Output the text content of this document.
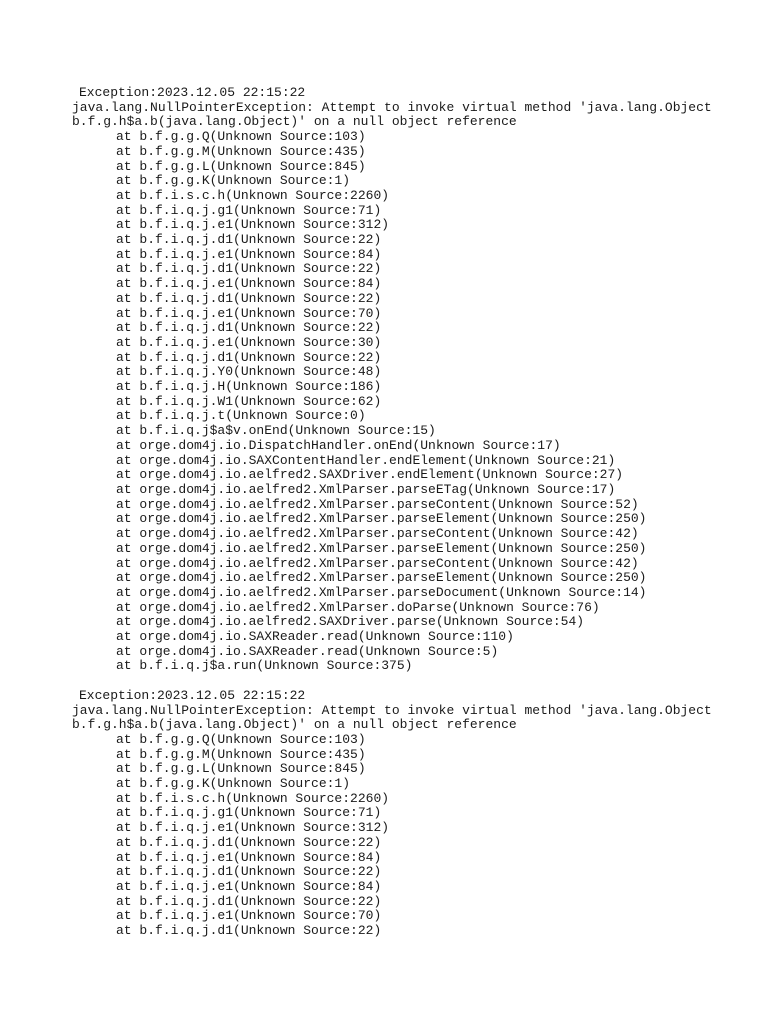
Exception:2023.12.05 22:15:22
java.lang.NullPointerException: Attempt to invoke virtual method 'java.lang.Object
b.f.g.h$a.b(java.lang.Object)' on a null object reference
at b.f.g.g.Q(Unknown Source:103)
at b.f.g.g.M(Unknown Source:435)
at b.f.g.g.L(Unknown Source:845)
at b.f.g.g.K(Unknown Source:1)
at b.f.i.s.c.h(Unknown Source:2260)
at b.f.i.q.j.g1(Unknown Source:71)
at b.f.i.q.j.e1(Unknown Source:312)
at b.f.i.q.j.d1(Unknown Source:22)
at b.f.i.q.j.e1(Unknown Source:84)
at b.f.i.q.j.d1(Unknown Source:22)
at b.f.i.q.j.e1(Unknown Source:84)
at b.f.i.q.j.d1(Unknown Source:22)
at b.f.i.q.j.e1(Unknown Source:70)
at b.f.i.q.j.d1(Unknown Source:22)
at b.f.i.q.j.e1(Unknown Source:30)
at b.f.i.q.j.d1(Unknown Source:22)
at b.f.i.q.j.Y0(Unknown Source:48)
at b.f.i.q.j.H(Unknown Source:186)
at b.f.i.q.j.W1(Unknown Source:62)
at b.f.i.q.j.t(Unknown Source:0)
at b.f.i.q.j$a$v.onEnd(Unknown Source:15)
at orge.dom4j.io.DispatchHandler.onEnd(Unknown Source:17)
at orge.dom4j.io.SAXContentHandler.endElement(Unknown Source:21)
at orge.dom4j.io.aelfred2.SAXDriver.endElement(Unknown Source:27)
at orge.dom4j.io.aelfred2.XmlParser.parseETag(Unknown Source:17)
at orge.dom4j.io.aelfred2.XmlParser.parseContent(Unknown Source:52)
at orge.dom4j.io.aelfred2.XmlParser.parseElement(Unknown Source:250)
at orge.dom4j.io.aelfred2.XmlParser.parseContent(Unknown Source:42)
at orge.dom4j.io.aelfred2.XmlParser.parseElement(Unknown Source:250)
at orge.dom4j.io.aelfred2.XmlParser.parseContent(Unknown Source:42)
at orge.dom4j.io.aelfred2.XmlParser.parseElement(Unknown Source:250)
at orge.dom4j.io.aelfred2.XmlParser.parseDocument(Unknown Source:14)
at orge.dom4j.io.aelfred2.XmlParser.doParse(Unknown Source:76)
at orge.dom4j.io.aelfred2.SAXDriver.parse(Unknown Source:54)
at orge.dom4j.io.SAXReader.read(Unknown Source:110)
at orge.dom4j.io.SAXReader.read(Unknown Source:5)
at b.f.i.q.j$a.run(Unknown Source:375)
Exception:2023.12.05 22:15:22
java.lang.NullPointerException: Attempt to invoke virtual method 'java.lang.Object
b.f.g.h$a.b(java.lang.Object)' on a null object reference
at b.f.g.g.Q(Unknown Source:103)
at b.f.g.g.M(Unknown Source:435)
at b.f.g.g.L(Unknown Source:845)
at b.f.g.g.K(Unknown Source:1)
at b.f.i.s.c.h(Unknown Source:2260)
at b.f.i.q.j.g1(Unknown Source:71)
at b.f.i.q.j.e1(Unknown Source:312)
at b.f.i.q.j.d1(Unknown Source:22)
at b.f.i.q.j.e1(Unknown Source:84)
at b.f.i.q.j.d1(Unknown Source:22)
at b.f.i.q.j.e1(Unknown Source:84)
at b.f.i.q.j.d1(Unknown Source:22)
at b.f.i.q.j.e1(Unknown Source:70)
at b.f.i.q.j.d1(Unknown Source:22)
